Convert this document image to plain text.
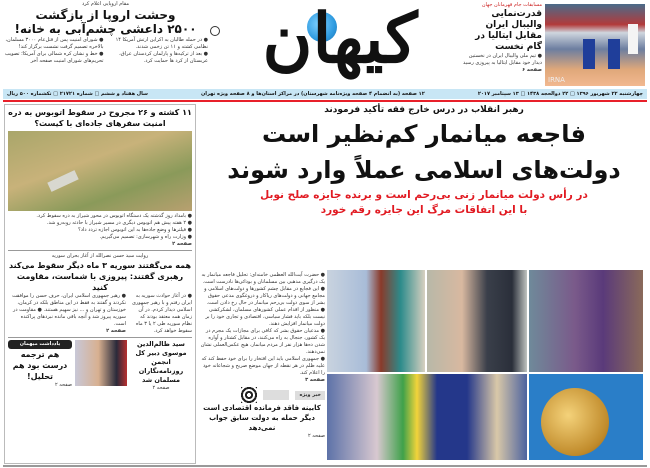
کیهان
IRNA
مسابقات جام قهرمانان جهان
قدرت‌نمایی والیبال ایران مقابل ایتالیا در گام نخست
● تیم ملی والیبال ایران در نخستین دیدار خود مقابل ایتالیا به پیروزی رسید
صفحه ۶
مقام اروپایی اعلام کرد
وحشت اروپا از بازگشت
۲۵۰۰ داعشی چشم‌آبی به خانه!
● در حمله طالبان به اکراین ارتش آمریکا ۱۴ نظامی کشته و ۱۱ تن زخمی شدند.
● بعد از ترکیه‌ها و پارلمان کردستان عراق، عربستان از کرد ها حمایت کرد.
● شورای امنیت پس از قتل‌عام ۳۰۰۰ مسلمان، بالاخره تصمیم گرفت نشست برگزار کند!
● خط و نشان کره شمالی برای آمریکا؛ تصویب تحریم‌های شورای امنیت صفحه آخر
چهارشنبه ۲۲ شهریور ۱۳۹۶ □ ۲۲ ذوالحجه ۱۴۳۸ □ ۱۳ سپتامبر ۲۰۱۷
۱۲ صفحه (به انضمام ۴ صفحه ویژه‌نامه شهرستان) در مراکز استان‌ها و ۸ صفحه ویژه تهران
سال هفتاد و ششم □ شماره ۲۱۷۲۱ □ تکشماره ۵۰۰ ریال
رهبر انقلاب در درس خارج فقه تأکید فرمودند
فاجعه میانمار کم‌نظیر است
دولت‌های اسلامی عملاً وارد شوند
در رأس دولت میانمار زنی بی‌رحم است و برنده جایزه صلح نوبل
با این اتفاقات مرگ این جایزه رقم خورد
● حضرت آیت‌الله العظمی خامنه‌ای: تحلیل فاجعه میانمار به یک درگیری مذهبی بین مسلمانان و بودائی‌ها نادرست است.
● این فجایع در مقابل چشم کشورها و دولت‌های اسلامی و مجامع جهانی و دولت‌های ریاکار و دروغگوی مدعی حقوق بشر از سوی دولت بی‌رحم میانمار در حال رخ دادن است.
● منظور از اقدام عملی کشورهای مسلمان، لشکرکشی نیست بلکه باید فشار سیاسی، اقتصادی و تجاری خود را بر دولت میانمار افزایش دهند.
● مدعیان حقوق بشر که کافی برای مجازات یک مجرم در یک کشور، جنجال به راه می‌کنند، در مقابل کشتار و آواره شدن ده‌ها هزار نفر از مردم میانمار، هیچ عکس‌العملی نشان نمی‌دهند.
● جمهوری اسلامی باید این افتخار را برای خود حفظ کند که علیه ظلم در هر نقطه از جهان موضع صریح و شجاعانه خود را اعلام کند.
صفحه ۳
خبر ویژه
کابینه فاقد فرمانده اقتصادی است
دیگر حمله به دولت سابق جواب نمی‌دهد
صفحه ۲
۱۱ کشته و ۲۶ مجروح در سقوط اتوبوس به دره امنیت سفرهای جاده‌ای با کیست؟
● بامداد روز گذشته یک دستگاه اتوبوس در محور شیراز به دره سقوط کرد.
● ۲ هفته پیش هم اتوبوس دیگری در مسیر شیراز با حادثه روبه‌رو شد.
● فیلترها و وضع جاده‌ها به این اتوبوس اجازه تردد داد؟
● وزارت راه و شهرسازی: تصمیم می‌گیریم.
صفحه ۲
روایت سید حسن نصرالله از آغاز بحران سوریه
همه می‌گفتند سوریه ۳ ماه دیگر سقوط می‌کند
رهبری گفتند: پیروزی با شماست، مقاومت کنید
● در آغاز حوادث سوریه به ایران رفتم و با رهبر جمهوری اسلامی دیدار کردم. در آن زمان همه معتقد بودند که نظام سوریه طی ۲ یا ۳ ماه سقوط خواهد کرد.
● رهبر جمهوری اسلامی ایران، حرف حسن را موافقت نکردند و گفتند به فقط در این مناطق بلکه در کرمان، خوزستان و تهران و ... نیز سهیم هستند. ● مقاومت در سوریه پیروز شد و آنچه باقی مانده نبردهای پراکنده است.
صفحه ۲
سید ظالم‌الدین موسوی دبیر کل انجمن روزنامه‌نگاران مسلمان شد
صفحه ۲
یادداشت میهمان
هم ترجمه درست بود هم تحلیل!
صفحه ۲
